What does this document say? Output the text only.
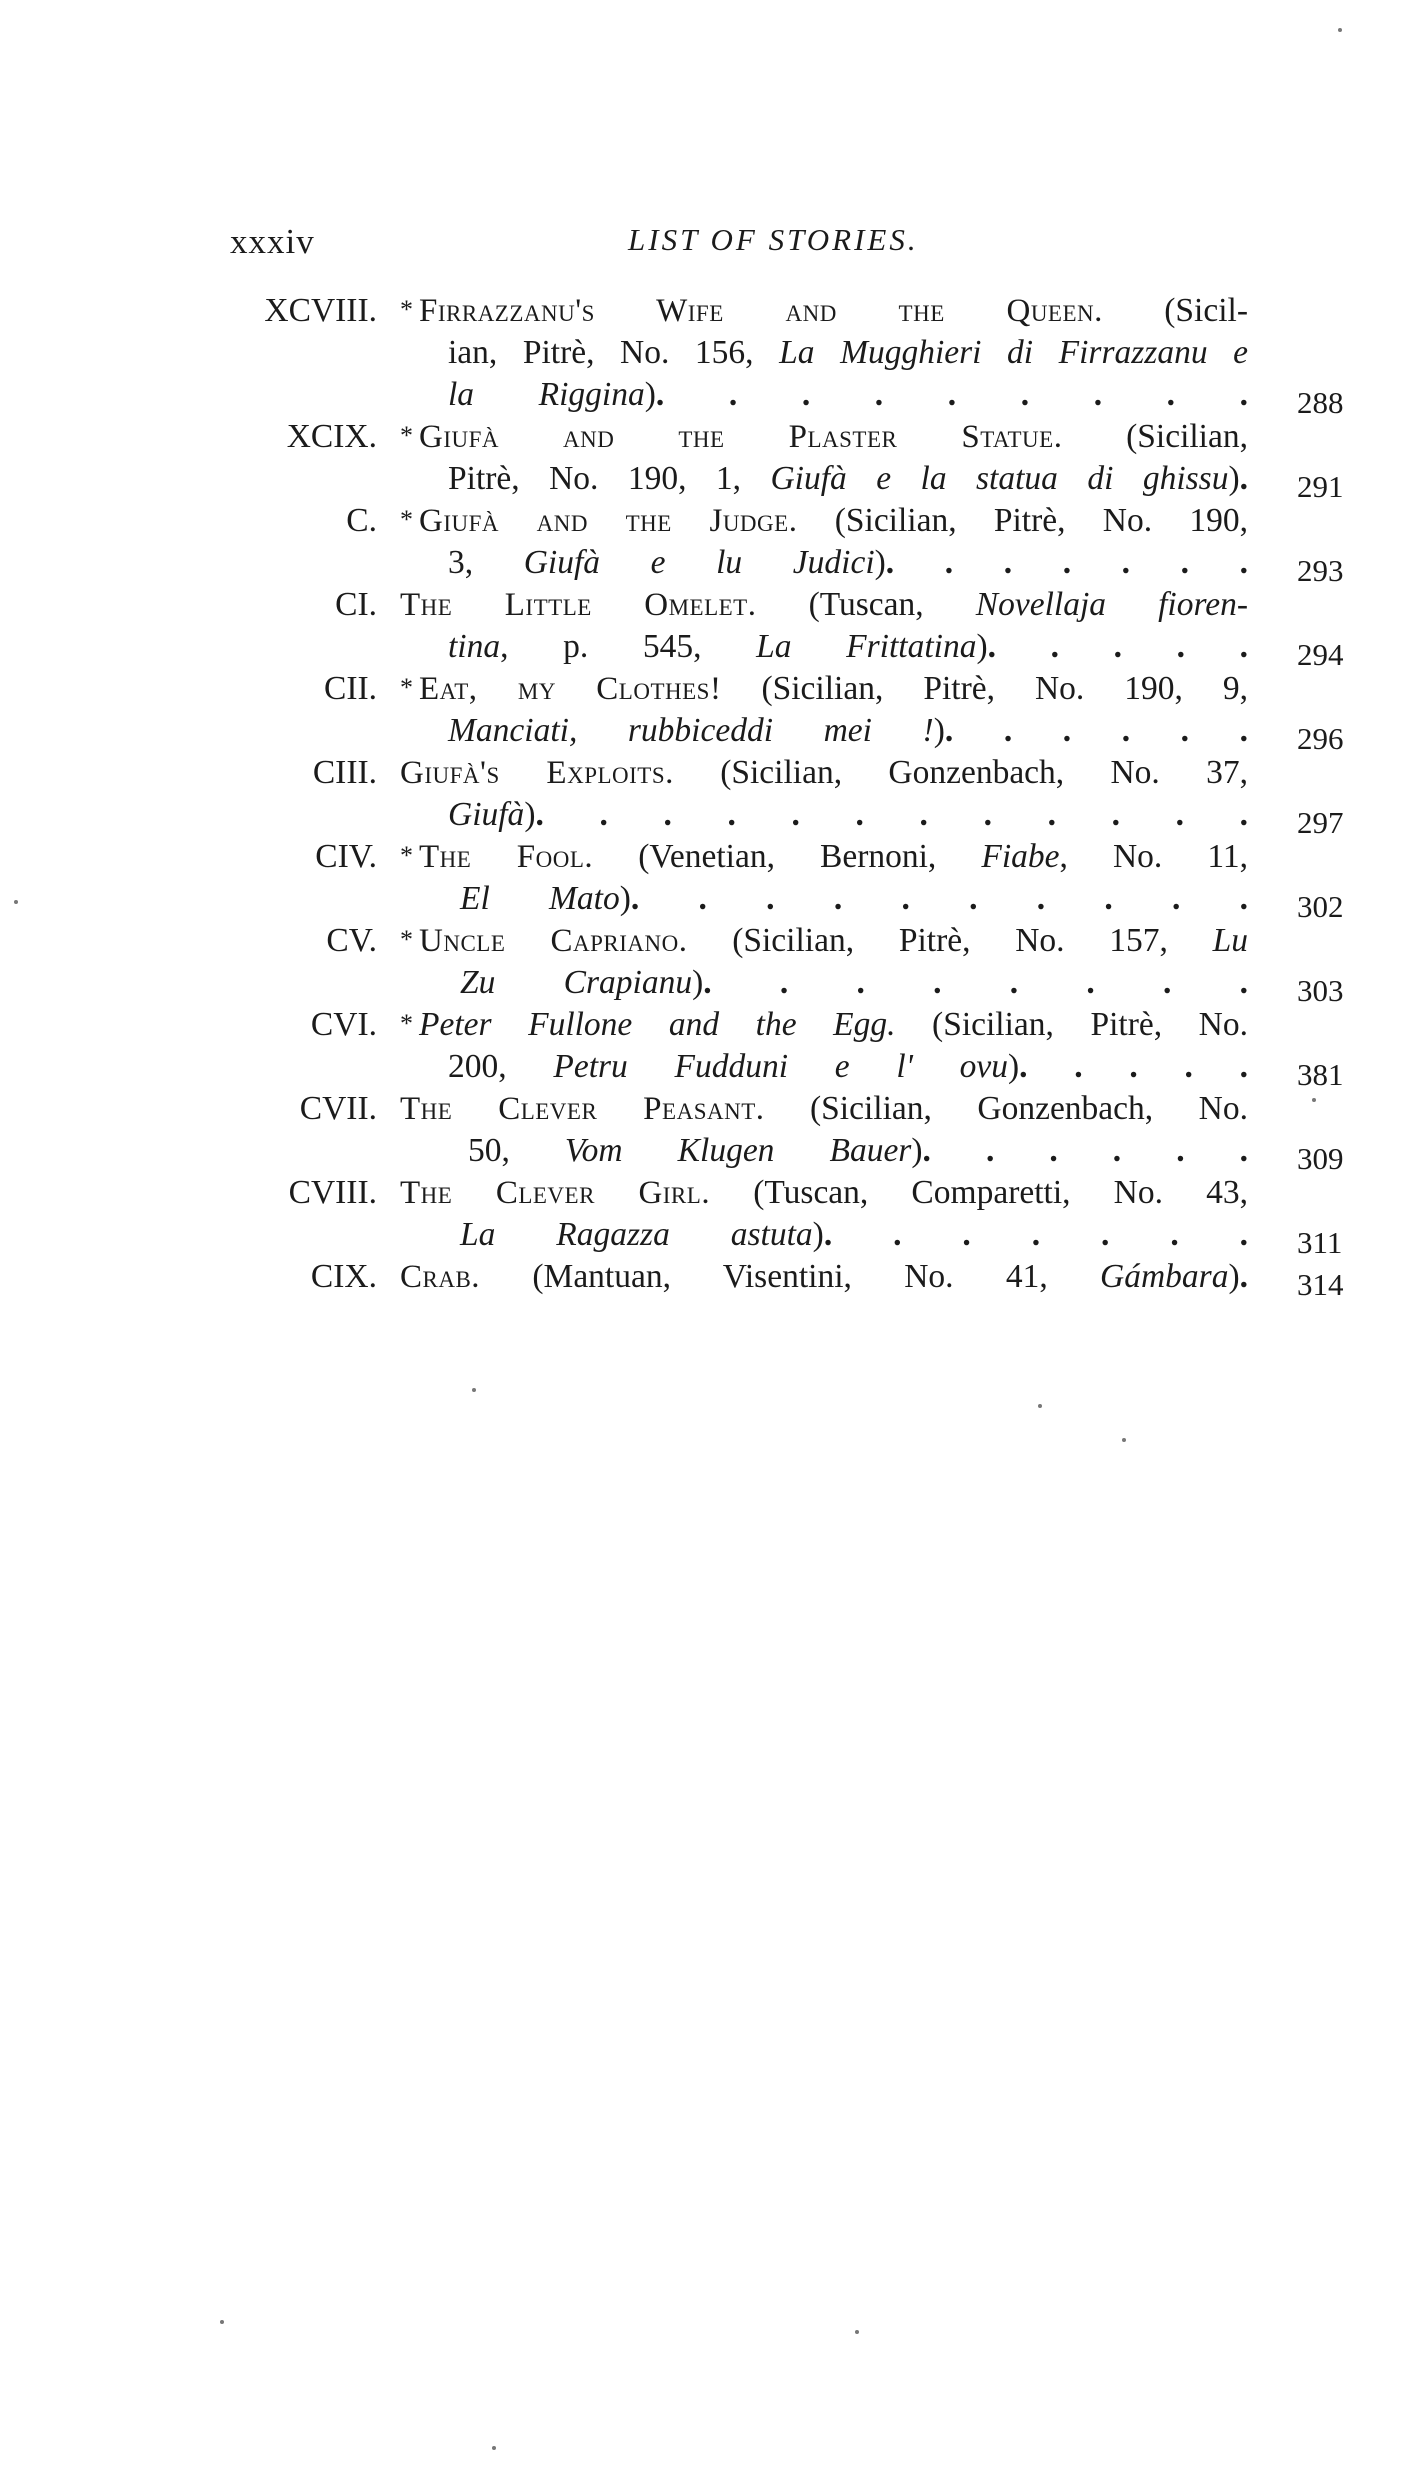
xxxiv	LIST OF STORIES.
XCVIII. * Firrazzanu's Wife and the Queen. (Sicil-
ian, Pitrè, No. 156, La Mugghieri di Firrazzanu e
la Riggina). . . . . . . . . 288
XCIX. * Giufà and the Plaster Statue. (Sicilian,
Pitrè, No. 190, 1, Giufà e la statua di ghissu). 291
C. * Giufà and the Judge. (Sicilian, Pitrè, No. 190,
3, Giufà e lu Judici). . . . . . . 293
CI. The Little Omelet. (Tuscan, Novellaja fioren-
tina, p. 545, La Frittatina). . . . . 294
CII. * Eat, my Clothes! (Sicilian, Pitrè, No. 190, 9,
Manciati, rubbiceddi mei !). . . . . . 296
CIII. Giufà's Exploits. (Sicilian, Gonzenbach, No. 37,
Giufà). . . . . . . . . . . . 297
CIV. * The Fool. (Venetian, Bernoni, Fiabe, No. 11,
El Mato). . . . . . . . . . 302
CV. * Uncle Capriano. (Sicilian, Pitrè, No. 157, Lu
Zu Crapianu). . . . . . . . 303
CVI. * Peter Fullone and the Egg. (Sicilian, Pitrè, No.
200, Petru Fudduni e l' ovu). . . . . 381
CVII. The Clever Peasant. (Sicilian, Gonzenbach, No.
50, Vom Klugen Bauer). . . . . . 309
CVIII. The Clever Girl. (Tuscan, Comparetti, No. 43,
La Ragazza astuta). . . . . . . 311
CIX. Crab. (Mantuan, Visentini, No. 41, Gámbara). 314
